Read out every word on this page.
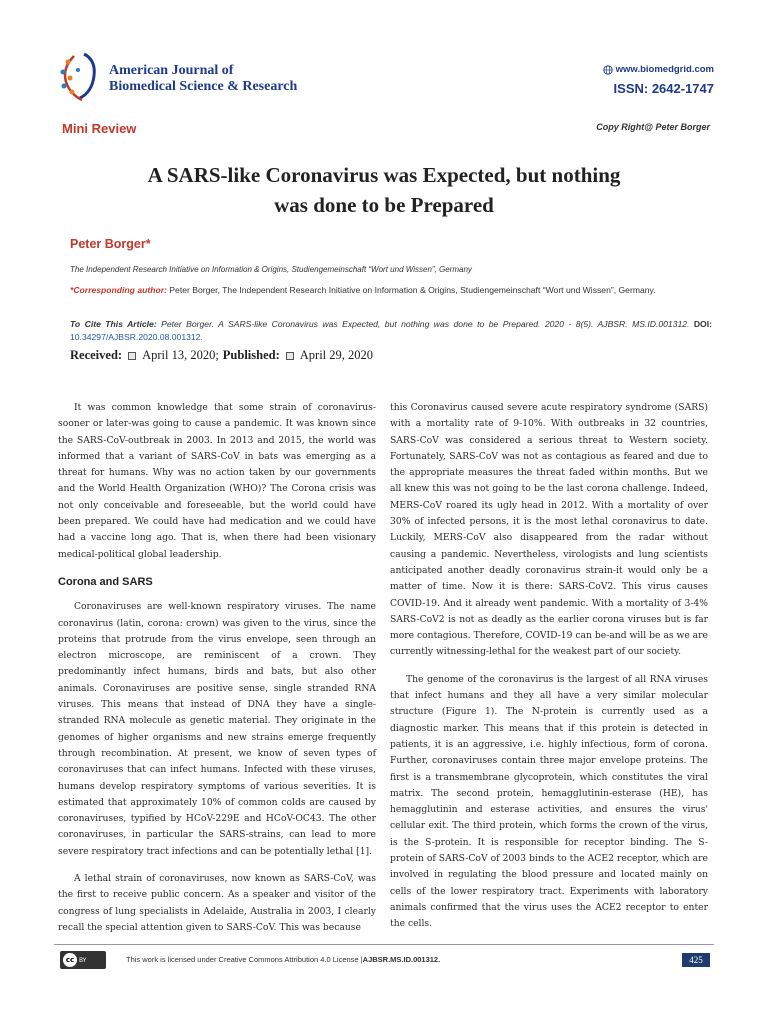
American Journal of
Biomedical Science & Research
www.biomedgrid.com
ISSN: 2642-1747
Mini Review	Copy Right@ Peter Borger
A SARS-like Coronavirus was Expected, but nothing
was done to be Prepared
Peter Borger*
The Independent Research Initiative on Information & Origins, Studiengemeinschaft “Wort und Wissen”, Germany
*Corresponding author: Peter Borger, The Independent Research Initiative on Information & Origins, Studiengemeinschaft “Wort und Wissen”, Germany.
To Cite This Article: Peter Borger. A SARS-like Coronavirus was Expected, but nothing was done to be Prepared. 2020 - 8(5). AJBSR. MS.ID.001312. DOI: 10.34297/AJBSR.2020.08.001312.
Received: April 13, 2020; Published: April 29, 2020

It was common knowledge that some strain of coronavirus-sooner or later-was going to cause a pandemic. It was known since the SARS-CoV-outbreak in 2003. In 2013 and 2015, the world was informed that a variant of SARS-CoV in bats was emerging as a threat for humans. Why was no action taken by our governments and the World Health Organization (WHO)? The Corona crisis was not only conceivable and foreseeable, but the world could have been prepared. We could have had medication and we could have had a vaccine long ago. That is, when there had been visionary medical-political global leadership.

Corona and SARS

Coronaviruses are well-known respiratory viruses. The name coronavirus (latin, corona: crown) was given to the virus, since the proteins that protrude from the virus envelope, seen through an electron microscope, are reminiscent of a crown. They predominantly infect humans, birds and bats, but also other animals. Coronaviruses are positive sense, single stranded RNA viruses. This means that instead of DNA they have a single-stranded RNA molecule as genetic material. They originate in the genomes of higher organisms and new strains emerge frequently through recombination. At present, we know of seven types of coronaviruses that can infect humans. Infected with these viruses, humans develop respiratory symptoms of various severities. It is estimated that approximately 10% of common colds are caused by coronaviruses, typified by HCoV-229E and HCoV-OC43. The other coronaviruses, in particular the SARS-strains, can lead to more severe respiratory tract infections and can be potentially lethal [1].

A lethal strain of coronaviruses, now known as SARS-CoV, was the first to receive public concern. As a speaker and visitor of the congress of lung specialists in Adelaide, Australia in 2003, I clearly recall the special attention given to SARS-CoV. This was because

this Coronavirus caused severe acute respiratory syndrome (SARS) with a mortality rate of 9-10%. With outbreaks in 32 countries, SARS-CoV was considered a serious threat to Western society. Fortunately, SARS-CoV was not as contagious as feared and due to the appropriate measures the threat faded within months. But we all knew this was not going to be the last corona challenge. Indeed, MERS-CoV roared its ugly head in 2012. With a mortality of over 30% of infected persons, it is the most lethal coronavirus to date. Luckily, MERS-CoV also disappeared from the radar without causing a pandemic. Nevertheless, virologists and lung scientists anticipated another deadly coronavirus strain-it would only be a matter of time. Now it is there: SARS-CoV2. This virus causes COVID-19. And it already went pandemic. With a mortality of 3-4% SARS-CoV2 is not as deadly as the earlier corona viruses but is far more contagious. Therefore, COVID-19 can be-and will be as we are currently witnessing-lethal for the weakest part of our society.

The genome of the coronavirus is the largest of all RNA viruses that infect humans and they all have a very similar molecular structure (Figure 1). The N-protein is currently used as a diagnostic marker. This means that if this protein is detected in patients, it is an aggressive, i.e. highly infectious, form of corona. Further, coronaviruses contain three major envelope proteins. The first is a transmembrane glycoprotein, which constitutes the viral matrix. The second protein, hemagglutinin-esterase (HE), has hemagglutinin and esterase activities, and ensures the virus' cellular exit. The third protein, which forms the crown of the virus, is the S-protein. It is responsible for receptor binding. The S-protein of SARS-CoV of 2003 binds to the ACE2 receptor, which are involved in regulating the blood pressure and located mainly on cells of the lower respiratory tract. Experiments with laboratory animals confirmed that the virus uses the ACE2 receptor to enter the cells.

cc BY	This work is licensed under Creative Commons Attribution 4.0 License |AJBSR.MS.ID.001312.	425
